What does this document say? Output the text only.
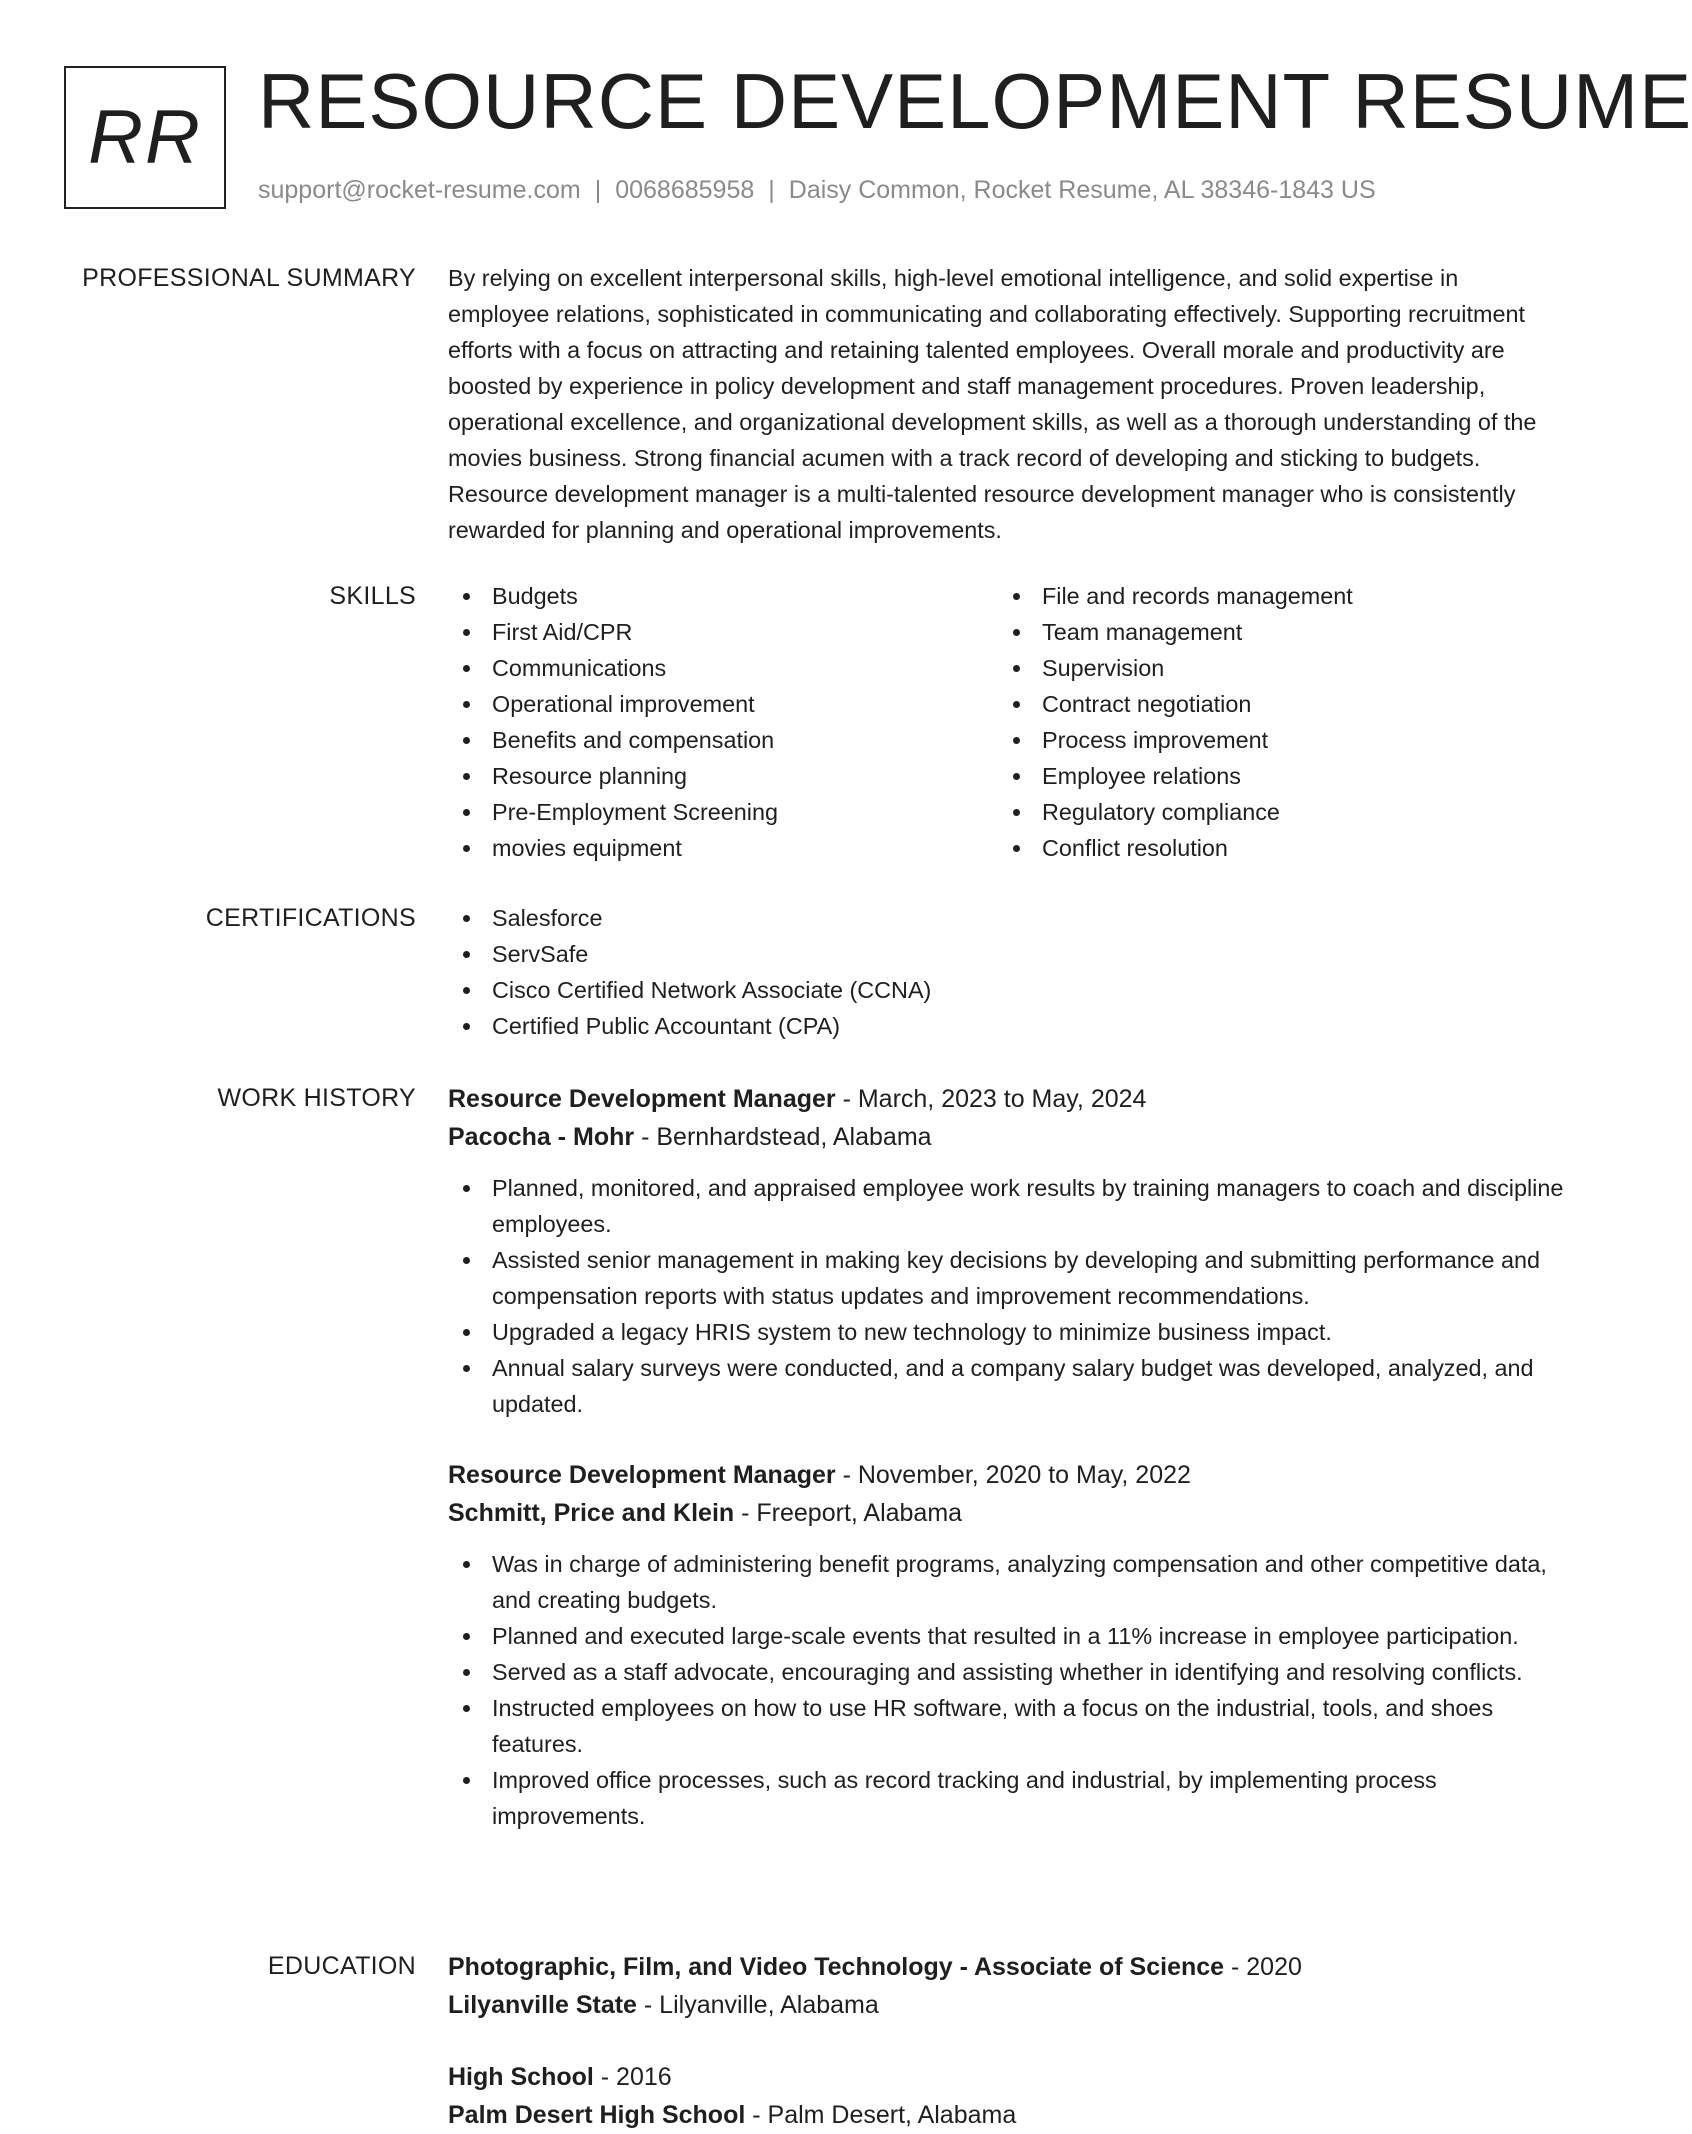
RR RESOURCE DEVELOPMENT RESUME
support@rocket-resume.com | 0068685958 | Daisy Common, Rocket Resume, AL 38346-1843 US
PROFESSIONAL SUMMARY By relying on excellent interpersonal skills, high-level emotional intelligence, and solid expertise in employee relations, sophisticated in communicating and collaborating effectively. Supporting recruitment efforts with a focus on attracting and retaining talented employees. Overall morale and productivity are boosted by experience in policy development and staff management procedures. Proven leadership, operational excellence, and organizational development skills, as well as a thorough understanding of the movies business. Strong financial acumen with a track record of developing and sticking to budgets. Resource development manager is a multi-talented resource development manager who is consistently rewarded for planning and operational improvements.
SKILLS	Budgets
First Aid/CPR
Communications
Operational improvement
Benefits and compensation
Resource planning
Pre-Employment Screening
movies equipment
File and records management
Team management
Supervision
Contract negotiation
Process improvement
Employee relations
Regulatory compliance
Conflict resolution
CERTIFICATIONS	Salesforce
ServSafe
Cisco Certified Network Associate (CCNA)
Certified Public Accountant (CPA)
WORK HISTORY Resource Development Manager - March, 2023 to May, 2024
Pacocha - Mohr - Bernhardstead, Alabama
Planned, monitored, and appraised employee work results by training managers to coach and discipline employees.
Assisted senior management in making key decisions by developing and submitting performance and compensation reports with status updates and improvement recommendations.
Upgraded a legacy HRIS system to new technology to minimize business impact.
Annual salary surveys were conducted, and a company salary budget was developed, analyzed, and updated.
Resource Development Manager - November, 2020 to May, 2022
Schmitt, Price and Klein - Freeport, Alabama
Was in charge of administering benefit programs, analyzing compensation and other competitive data, and creating budgets.
Planned and executed large-scale events that resulted in a 11% increase in employee participation.
Served as a staff advocate, encouraging and assisting whether in identifying and resolving conflicts.
Instructed employees on how to use HR software, with a focus on the industrial, tools, and shoes features.
Improved office processes, such as record tracking and industrial, by implementing process improvements.
EDUCATION Photographic, Film, and Video Technology - Associate of Science - 2020
Lilyanville State - Lilyanville, Alabama
High School - 2016
Palm Desert High School - Palm Desert, Alabama
